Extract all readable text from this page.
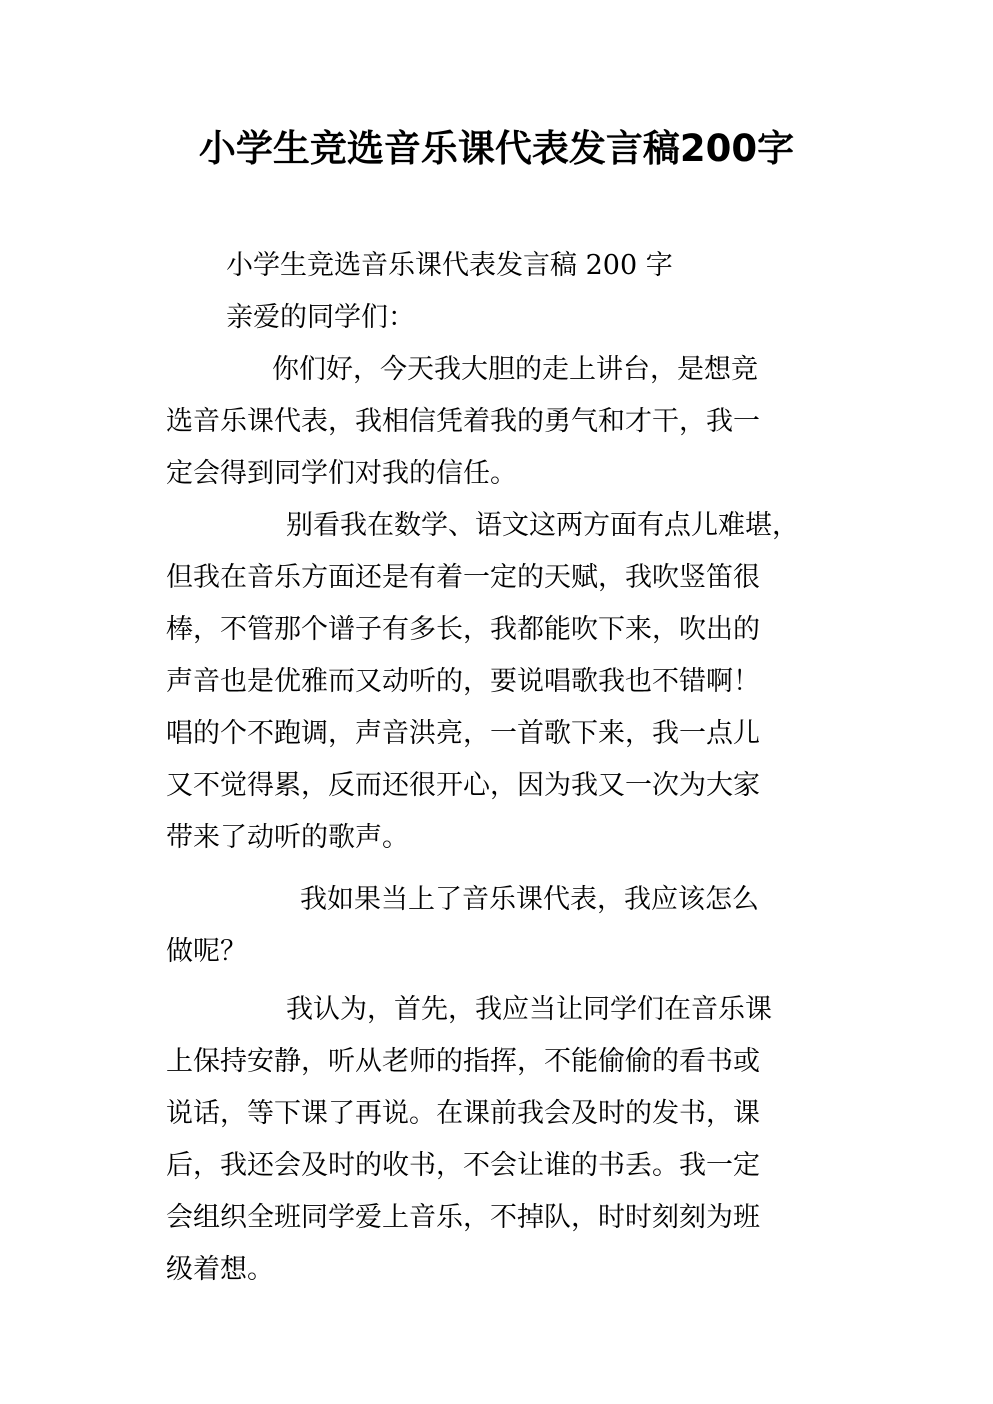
小学生竞选音乐课代表发言稿200字
小学生竞选音乐课代表发言稿 200 字
亲爱的同学们：
你们好，今天我大胆的走上讲台，是想竞
选音乐课代表，我相信凭着我的勇气和才干，我一
定会得到同学们对我的信任。
别看我在数学、语文这两方面有点儿难堪，
但我在音乐方面还是有着一定的天赋，我吹竖笛很
棒，不管那个谱子有多长，我都能吹下来，吹出的
声音也是优雅而又动听的，要说唱歌我也不错啊！
唱的个不跑调，声音洪亮，一首歌下来，我一点儿
又不觉得累，反而还很开心，因为我又一次为大家
带来了动听的歌声。
我如果当上了音乐课代表，我应该怎么
做呢？
我认为，首先，我应当让同学们在音乐课
上保持安静，听从老师的指挥，不能偷偷的看书或
说话，等下课了再说。在课前我会及时的发书，课
后，我还会及时的收书，不会让谁的书丢。我一定
会组织全班同学爱上音乐，不掉队，时时刻刻为班
级着想。
